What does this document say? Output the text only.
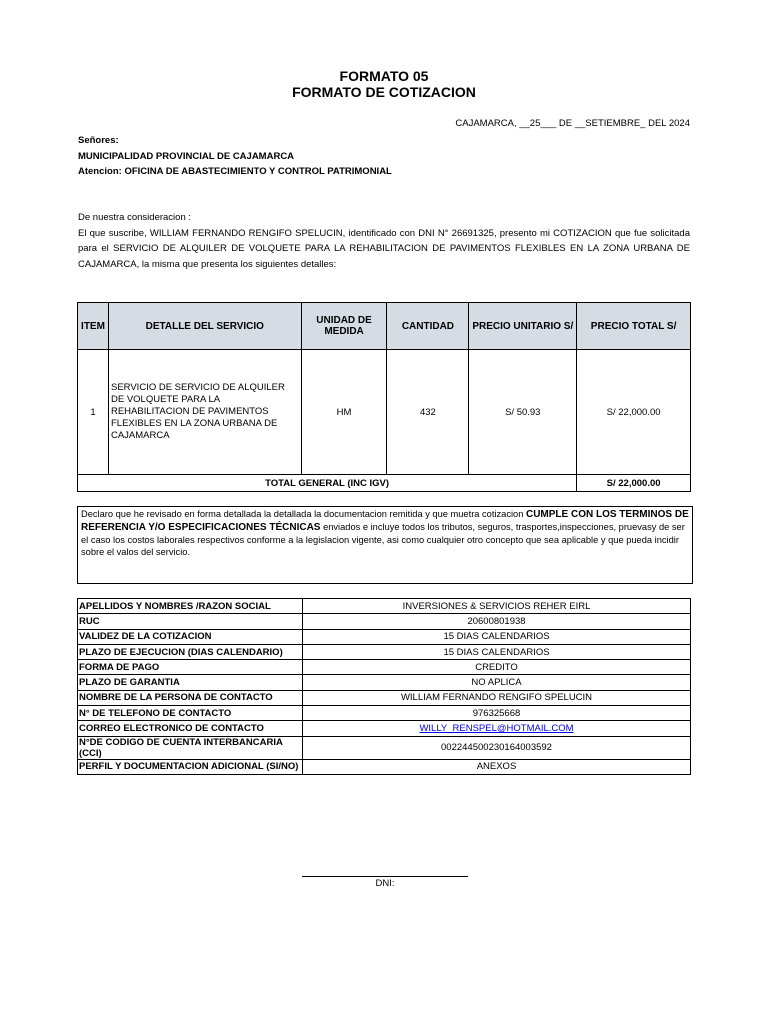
FORMATO 05
FORMATO DE COTIZACION
CAJAMARCA, __25___ DE __SETIEMBRE_ DEL 2024
Señores:
MUNICIPALIDAD PROVINCIAL DE CAJAMARCA
Atencion: OFICINA DE ABASTECIMIENTO Y CONTROL PATRIMONIAL

De nuestra consideracion :

El que suscribe, WILLIAM FERNANDO RENGIFO SPELUCIN, identificado con DNI N° 26691325, presento mi COTIZACION que fue solicitada para el SERVICIO DE ALQUILER DE VOLQUETE PARA LA REHABILITACION DE PAVIMENTOS FLEXIBLES EN LA ZONA URBANA DE CAJAMARCA, la misma que presenta los siguientes detalles:

ITEM	DETALLE DEL SERVICIO	UNIDAD DE MEDIDA	CANTIDAD	PRECIO UNITARIO S/	PRECIO TOTAL S/
1	SERVICIO DE SERVICIO DE ALQUILER DE VOLQUETE PARA LA REHABILITACION DE PAVIMENTOS FLEXIBLES EN LA ZONA URBANA DE CAJAMARCA	HM	432	S/ 50.93	S/ 22,000.00
TOTAL GENERAL (INC IGV)					S/ 22,000.00
Declaro que he revisado en forma detallada la detallada la documentacion remitida y que muetra cotizacion CUMPLE CON LOS TERMINOS DE REFERENCIA Y/O ESPECIFICACIONES TÉCNICAS enviados e incluye todos los tributos, seguros, trasportes,inspecciones, pruevasy de ser el caso los costos laborales respectivos conforme a la legislacion vigente, asi como cualquier otro concepto que sea aplicable y que pueda incidir sobre el valos del servicio.
APELLIDOS Y NOMBRES /RAZON SOCIAL	INVERSIONES & SERVICIOS REHER EIRL
RUC	20600801938
VALIDEZ DE LA COTIZACION	15 DIAS CALENDARIOS
PLAZO DE EJECUCION (DIAS CALENDARIO)	15 DIAS CALENDARIOS
FORMA DE PAGO	CREDITO
PLAZO DE GARANTIA	NO APLICA
NOMBRE DE LA PERSONA DE CONTACTO	WILLIAM FERNANDO RENGIFO SPELUCIN
N° DE TELEFONO DE CONTACTO	976325668
CORREO ELECTRONICO DE CONTACTO	WILLY_RENSPEL@HOTMAIL.COM
N°DE CODIGO DE CUENTA INTERBANCARIA (CCI)	00224450023016400359​2
PERFIL Y DOCUMENTACION ADICIONAL (SI/NO)	ANEXOS
DNI:
